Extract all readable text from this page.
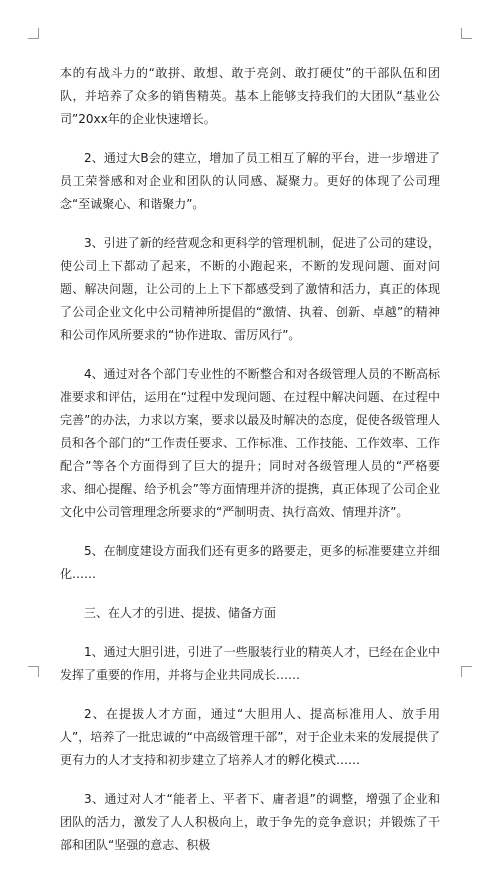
本的有战斗力的“敢拼、敢想、敢于亮剑、敢打硬仗”的干部队伍和团队，并培养了众多的销售精英。基本上能够支持我们的大团队“基业公司”20xx年的企业快速增长。

2、通过大B会的建立，增加了员工相互了解的平台，进一步增进了员工荣誉感和对企业和团队的认同感、凝聚力。更好的体现了公司理念“至诚聚心、和谐聚力”。

3、引进了新的经营观念和更科学的管理机制，促进了公司的建设，使公司上下都动了起来，不断的小跑起来，不断的发现问题、面对问题、解决问题，让公司的上上下下都感受到了激情和活力，真正的体现了公司企业文化中公司精神所提倡的“激情、执着、创新、卓越”的精神和公司作风所要求的“协作进取、雷厉风行”。

4、通过对各个部门专业性的不断整合和对各级管理人员的不断高标准要求和评估，运用在“过程中发现问题、在过程中解决问题、在过程中完善”的办法，力求以方案，要求以最及时解决的态度，促使各级管理人员和各个部门的“工作责任要求、工作标准、工作技能、工作效率、工作配合”等各个方面得到了巨大的提升；同时对各级管理人员的“严格要求、细心提醒、给予机会”等方面情理并济的提携，真正体现了公司企业文化中公司管理理念所要求的“严制明责、执行高效、情理并济”。

5、在制度建设方面我们还有更多的路要走，更多的标准要建立并细化……

三、在人才的引进、提拔、储备方面

1、通过大胆引进，引进了一些服装行业的精英人才，已经在企业中发挥了重要的作用，并将与企业共同成长……

2、在提拔人才方面，通过“大胆用人、提高标准用人、放手用人”，培养了一批忠诚的“中高级管理干部”，对于企业未来的发展提供了更有力的人才支持和初步建立了培养人才的孵化模式……

3、通过对人才“能者上、平者下、庸者退”的调整，增强了企业和团队的活力，激发了人人积极向上，敢于争先的竞争意识；并锻炼了干部和团队“坚强的意志、积极
